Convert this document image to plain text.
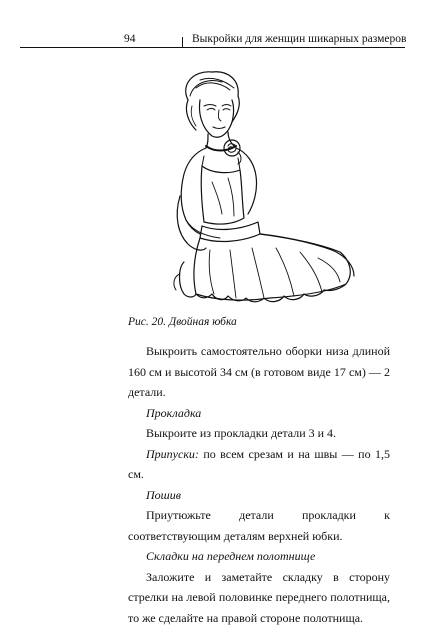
94	Выкройки для женщин шикарных размеров
Рис. 20. Двойная юбка

Выкроить самостоятельно оборки низа длиной 160 см и высотой 34 см (в готовом виде 17 см) — 2 детали.

Прокладка

Выкроите из прокладки детали 3 и 4.

Припуски: по всем срезам и на швы — по 1,5 см.

Пошив

Приутюжьте детали прокладки к соответствующим деталям верхней юбки.

Складки на переднем полотнище

Заложите и заметайте складку в сторону стрелки на левой половинке переднего полотнища, то же сделайте на правой стороне полотнища.
